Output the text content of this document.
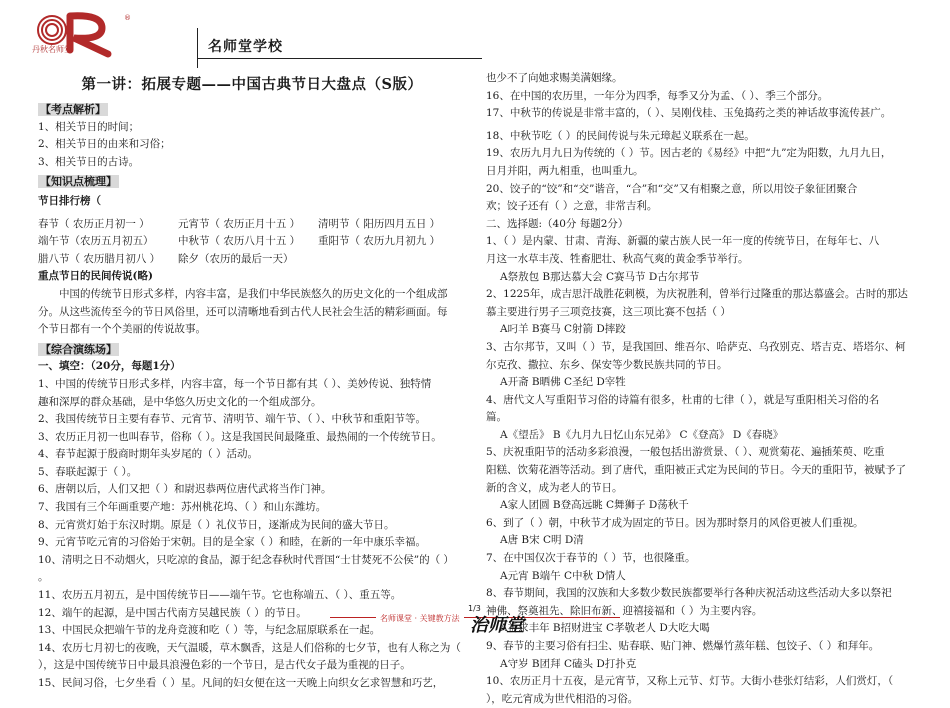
®
丹秋名师堂	名师堂学校
第一讲：拓展专题——中国古典节日大盘点（S版）
【考点解析】
1、相关节日的时间；
2、相关节日的由来和习俗；
3、相关节日的古诗。
【知识点梳理】
节日排行榜（
春节（ 农历正月初一 ）	元宵节（ 农历正月十五 ）	清明节（ 阳历四月五日 ）
端午节（农历五月初五）	中秋节（ 农历八月十五 ）	重阳节（ 农历九月初九 ）
腊八节（ 农历腊月初八 ）	除夕（农历的最后一天）
重点节日的民间传说(略)
中国的传统节日形式多样，内容丰富，是我们中华民族悠久的历史文化的一个组成部
分。从这些流传至今的节日风俗里，还可以清晰地看到古代人民社会生活的精彩画面。每
个节日都有一个个美丽的传说故事。
【综合演练场】
一、填空：（20分，每题1分）
1、中国的传统节日形式多样，内容丰富，每一个节日都有其（ ）、美妙传说、独特情
趣和深厚的群众基础，是中华悠久历史文化的一个组成部分。
2、我国传统节日主要有春节、元宵节、清明节、端午节、（ ）、中秋节和重阳节等。
3、农历正月初一也叫春节，俗称（ ）。这是我国民间最隆重、最热闹的一个传统节日。
4、春节起源于殷商时期年头岁尾的（ ）活动。
5、春联起源于（ ）。
6、唐朝以后，人们又把（ ）和尉迟恭两位唐代武将当作门神。
7、我国有三个年画重要产地：苏州桃花坞、（ ）和山东潍坊。
8、元宵赏灯始于东汉时期。原是（ ）礼仪节日，逐渐成为民间的盛大节日。
9、元宵节吃元宵的习俗始于宋朝。目的是全家（ ）和睦，在新的一年中康乐幸福。
10、清明之日不动烟火，只吃凉的食品，源于纪念春秋时代晋国“士甘焚死不公侯”的（ ）
。
11、农历五月初五，是中国传统节日——端午节。它也称端五、（ ）、重五等。
12、端午的起源，是中国古代南方吴越民族（ ）的节日。
13、中国民众把端午节的龙舟竞渡和吃（ ）等，与纪念屈原联系在一起。
14、农历七月初七的夜晚，天气温暖，草木飘香，这是人们俗称的七夕节，也有人称之为（
），这是中国传统节日中最具浪漫色彩的一个节日，是古代女子最为重视的日子。
15、民间习俗，七夕坐看（ ）星。凡间的妇女便在这一天晚上向织女乞求智慧和巧艺，
也少不了向她求赐美满姻缘。
16、在中国的农历里，一年分为四季，每季又分为孟、（ ）、季三个部分。
17、中秋节的传说是非常丰富的，（ ）、吴刚伐桂、玉兔捣药之类的神话故事流传甚广。
18、中秋节吃（ ）的民间传说与朱元璋起义联系在一起。
19、农历九月九日为传统的（ ）节。因古老的《易经》中把“九”定为阳数，九月九日，
日月并阳，两九相重，也叫重九。
20、饺子的“饺”和“交”谐音，“合”和“交”又有相聚之意，所以用饺子象征团聚合
欢；饺子还有（ ）之意，非常吉利。
二、选择题:（40分 每题2分）
1、（ ）是内蒙、甘肃、青海、新疆的蒙古族人民一年一度的传统节日，在每年七、八
月这一水草丰茂、牲畜肥壮、秋高气爽的黄金季节举行。
A祭敖包 B那达慕大会 C赛马节 D古尔邦节
2、1225年，成吉思汗战胜花剌模，为庆祝胜利，曾举行过隆重的那达慕盛会。古时的那达
慕主要进行男子三项竞技赛，这三项比赛不包括（ ）
A叼羊 B赛马 C射箭 D摔跤
3、古尔邦节，又叫（ ）节，是我国回、维吾尔、哈萨克、乌孜别克、塔吉克、塔塔尔、柯
尔克孜、撒拉、东乡、保安等少数民族共同的节日。
A开斋 B晒佛 C圣纪 D宰牲
4、唐代文人写重阳节习俗的诗篇有很多，杜甫的七律（ ），就是写重阳相关习俗的名
篇。
A《望岳》 B《九月九日忆山东兄弟》 C《登高》 D《春晓》
5、庆祝重阳节的活动多彩浪漫，一般包括出游赏景、（ ）、观赏菊花、遍插茱萸、吃重
阳糕、饮菊花酒等活动。到了唐代，重阳被正式定为民间的节日。今天的重阳节，被赋予了
新的含义，成为老人的节日。
A家人团圆 B登高远眺 C舞狮子 D荡秋千
6、到了（ ）朝，中秋节才成为固定的节日。因为那时祭月的风俗更被人们重视。
A唐 B宋 C明 D清
7、在中国仅次于春节的（ ）节，也很隆重。
A元宵 B端午 C中秋 D情人
8、春节期间，我国的汉族和大多数少数民族都要举行各种庆祝活动这些活动大多以祭祀
神佛、祭奠祖先、除旧布新、迎禧接福和（ ）为主要内容。
A祈求丰年 B招财进宝 C孝敬老人 D大吃大喝
9、春节的主要习俗有扫尘、贴春联、贴门神、燃爆竹蒸年糕、包饺子、（ ）和拜年。
A守岁 B团拜 C磕头 D打扑克
10、农历正月十五夜，是元宵节，又称上元节、灯节。大街小巷张灯结彩，人们赏灯，（
），吃元宵成为世代相沿的习俗。
名师课堂 · 关键教方法
1/3
治师堂
